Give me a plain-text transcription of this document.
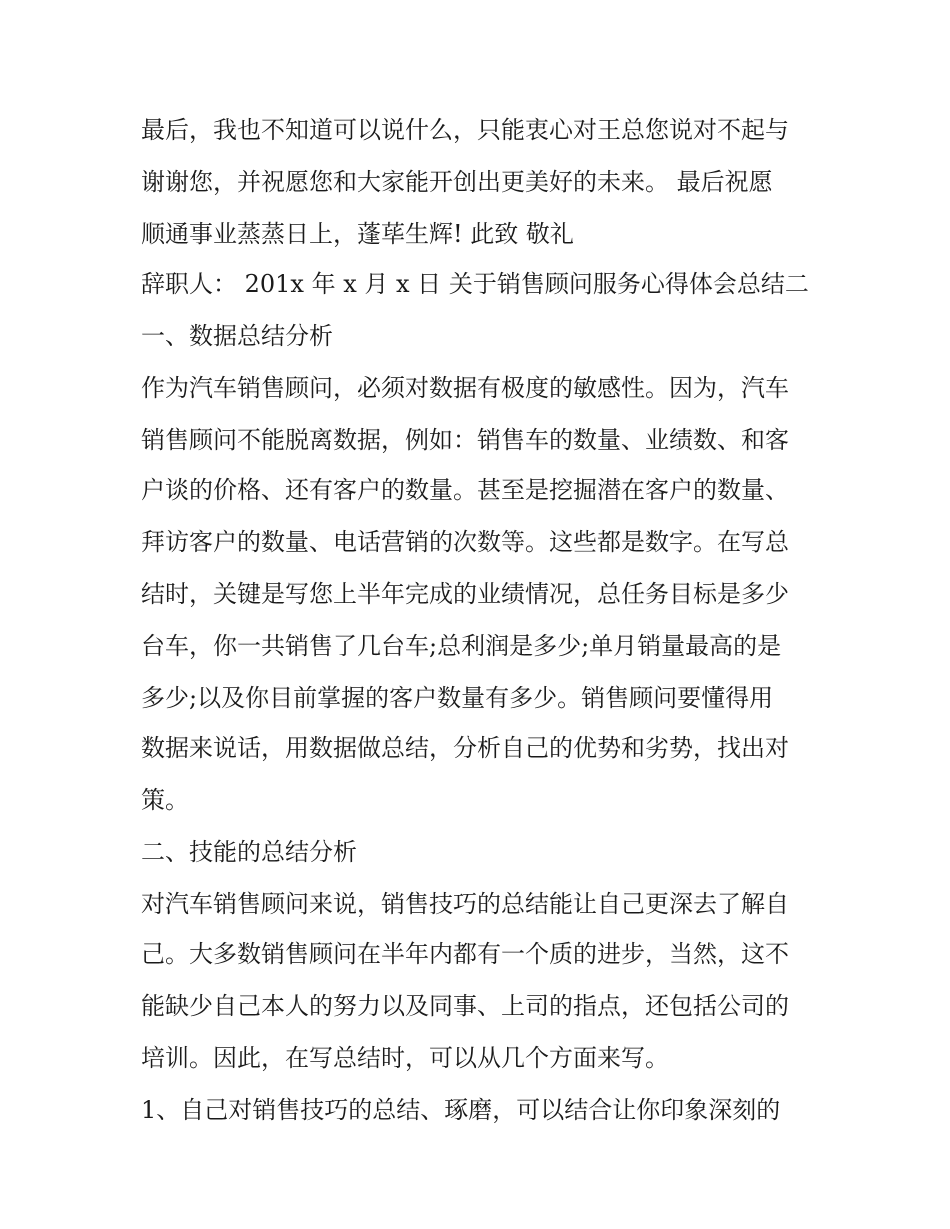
最后，我也不知道可以说什么，只能衷心对王总您说对不起与
谢谢您，并祝愿您和大家能开创出更美好的未来。 最后祝愿
顺通事业蒸蒸日上，蓬荜生辉! 此致 敬礼
辞职人： 201x 年 x 月 x 日 关于销售顾问服务心得体会总结二
一、数据总结分析
作为汽车销售顾问，必须对数据有极度的敏感性。因为，汽车
销售顾问不能脱离数据，例如：销售车的数量、业绩数、和客
户谈的价格、还有客户的数量。甚至是挖掘潜在客户的数量、
拜访客户的数量、电话营销的次数等。这些都是数字。在写总
结时，关键是写您上半年完成的业绩情况，总任务目标是多少
台车，你一共销售了几台车;总利润是多少;单月销量最高的是
多少;以及你目前掌握的客户数量有多少。销售顾问要懂得用
数据来说话，用数据做总结，分析自己的优势和劣势，找出对
策。
二、技能的总结分析
对汽车销售顾问来说，销售技巧的总结能让自己更深去了解自
己。大多数销售顾问在半年内都有一个质的进步，当然，这不
能缺少自己本人的努力以及同事、上司的指点，还包括公司的
培训。因此，在写总结时，可以从几个方面来写。
1、自己对销售技巧的总结、琢磨，可以结合让你印象深刻的
